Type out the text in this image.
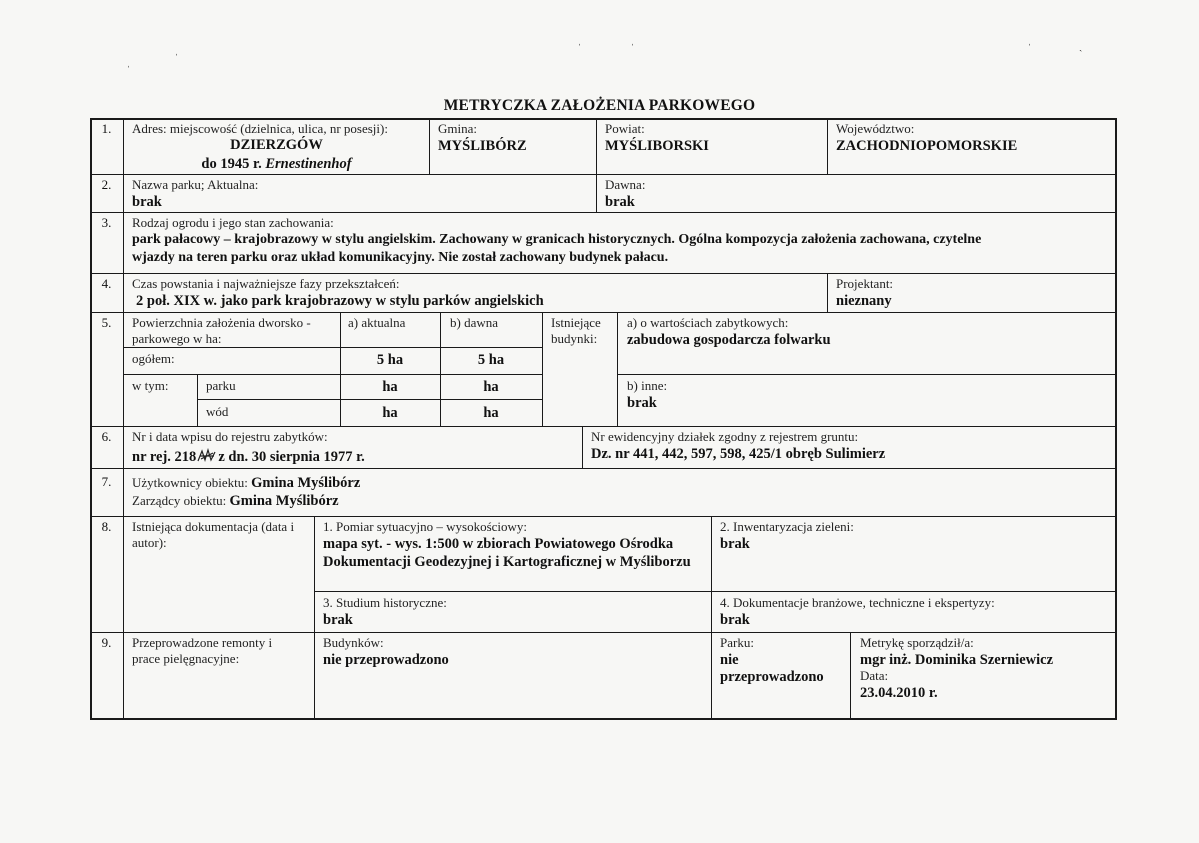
ˌ	ˈ
ˈ	ˈ	ˈ	ˏ
METRYCZKA ZAŁOŻENIA PARKOWEGO
1.	Adres: miejscowość (dzielnica, ulica, nr posesji):
DZIERZGÓW
do 1945 r. Ernestinenhof
Gmina:
MYŚLIBÓRZ
Powiat:
MYŚLIBORSKI
Województwo:
ZACHODNIOPOMORSKIE
2.	Nazwa parku; Aktualna:
brak
Dawna:
brak
3.	Rodzaj ogrodu i jego stan zachowania:
park pałacowy – krajobrazowy w stylu angielskim. Zachowany w granicach historycznych. Ogólna kompozycja założenia zachowana, czytelne
wjazdy na teren parku oraz układ komunikacyjny. Nie został zachowany budynek pałacu.
4.	Czas powstania i najważniejsze fazy przekształceń:
2 poł. XIX w. jako park krajobrazowy w stylu parków angielskich
Projektant:
nieznany
5.	Powierzchnia założenia dworsko - parkowego w ha:
a) aktualna	b) dawna	Istniejące budynki:
a) o wartościach zabytkowych:
zabudowa gospodarcza folwarku
ogółem:	5 ha	5 ha
w tym:	parku	ha	ha
wód	ha	ha
b) inne:
brak
6.	Nr i data wpisu do rejestru zabytków:
nr rej. 218 z dn. 30 sierpnia 1977 r.
Nr ewidencyjny działek zgodny z rejestrem gruntu:
Dz. nr 441, 442, 597, 598, 425/1 obręb Sulimierz
7.	Użytkownicy obiektu: Gmina Myślibórz
Zarządcy obiektu: Gmina Myślibórz
8.	Istniejąca dokumentacja (data i autor):
1. Pomiar sytuacyjno – wysokościowy:
mapa syt. - wys. 1:500 w zbiorach Powiatowego Ośrodka Dokumentacji Geodezyjnej i Kartograficznej w Myśliborzu
2. Inwentaryzacja zieleni:
brak
3. Studium historyczne:
brak
4. Dokumentacje branżowe, techniczne i ekspertyzy:
brak
9.	Przeprowadzone remonty i prace pielęgnacyjne:
Budynków:
nie przeprowadzono
Parku:
nie
przeprowadzono
Metrykę sporządził/a:
mgr inż. Dominika Szerniewicz
Data:
23.04.2010 r.
